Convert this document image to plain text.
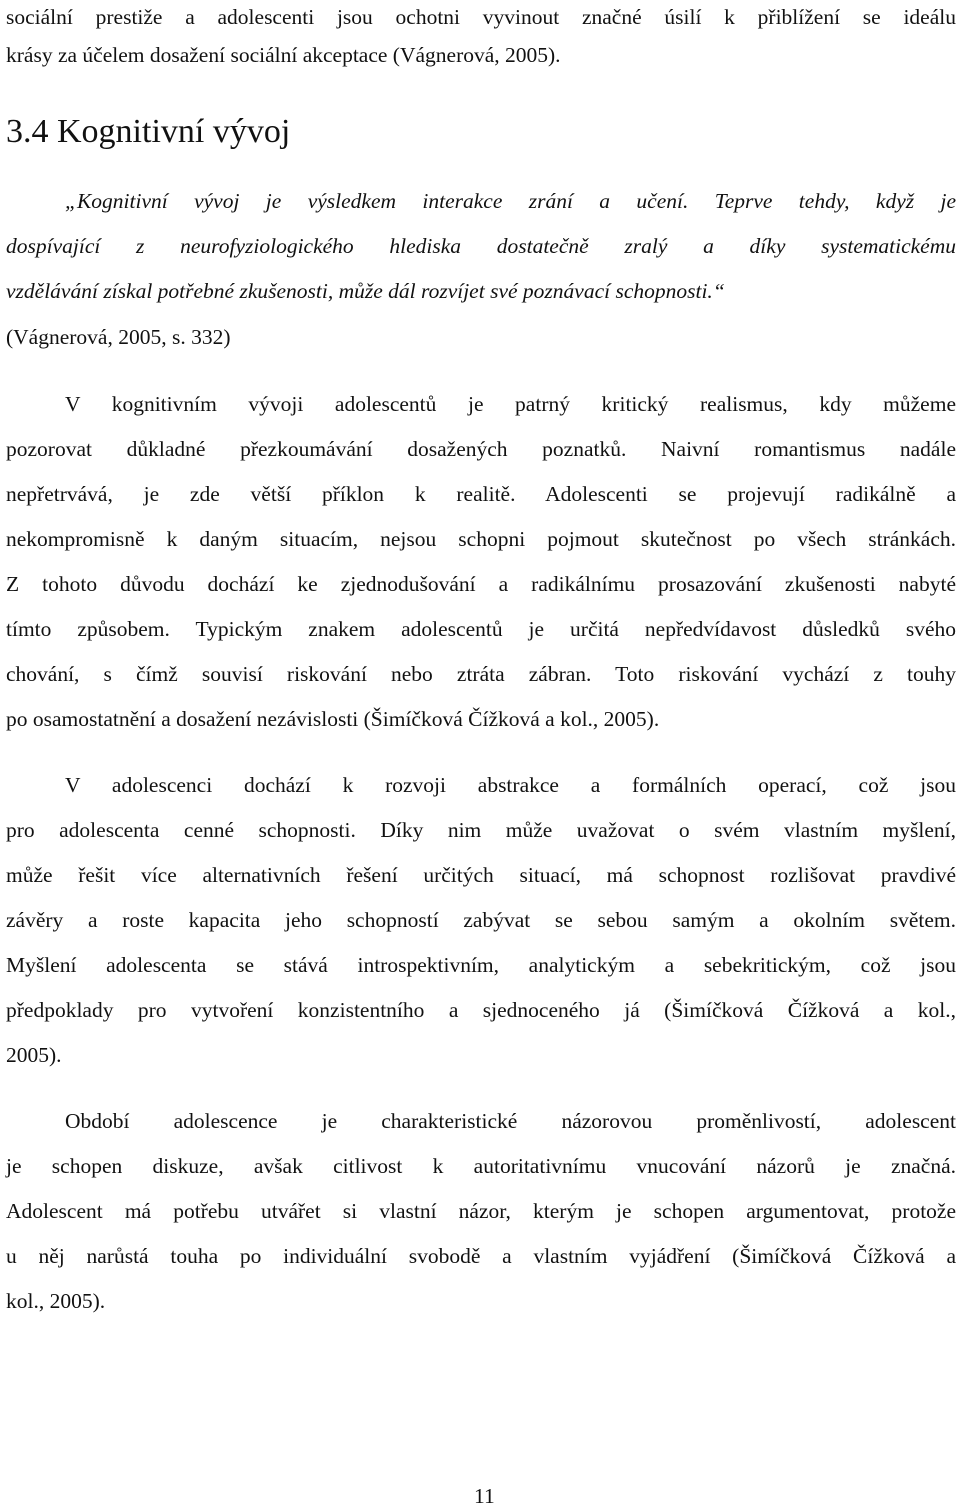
sociální prestiže a adolescenti jsou ochotni vyvinout značné úsilí k přiblížení se ideálu
krásy za účelem dosažení sociální akceptace (Vágnerová, 2005).
3.4 Kognitivní vývoj
„Kognitivní vývoj je výsledkem interakce zrání a učení. Teprve tehdy, když je
dospívající z neurofyziologického hlediska dostatečně zralý a díky systematickému
vzdělávání získal potřebné zkušenosti, může dál rozvíjet své poznávací schopnosti.“
(Vágnerová, 2005, s. 332)
V kognitivním vývoji adolescentů je patrný kritický realismus, kdy můžeme
pozorovat důkladné přezkoumávání dosažených poznatků. Naivní romantismus nadále
nepřetrvává, je zde větší příklon k realitě. Adolescenti se projevují radikálně a
nekompromisně k daným situacím, nejsou schopni pojmout skutečnost po všech stránkách.
Z tohoto důvodu dochází ke zjednodušování a radikálnímu prosazování zkušenosti nabyté
tímto způsobem. Typickým znakem adolescentů je určitá nepředvídavost důsledků svého
chování, s čímž souvisí riskování nebo ztráta zábran. Toto riskování vychází z touhy
po osamostatnění a dosažení nezávislosti (Šimíčková Čížková a kol., 2005).
V adolescenci dochází k rozvoji abstrakce a formálních operací, což jsou
pro adolescenta cenné schopnosti. Díky nim může uvažovat o svém vlastním myšlení,
může řešit více alternativních řešení určitých situací, má schopnost rozlišovat pravdivé
závěry a roste kapacita jeho schopností zabývat se sebou samým a okolním světem.
Myšlení adolescenta se stává introspektivním, analytickým a sebekritickým, což jsou
předpoklady pro vytvoření konzistentního a sjednoceného já (Šimíčková Čížková a kol.,
2005).
Období adolescence je charakteristické názorovou proměnlivostí, adolescent
je schopen diskuze, avšak citlivost k autoritativnímu vnucování názorů je značná.
Adolescent má potřebu utvářet si vlastní názor, kterým je schopen argumentovat, protože
u něj narůstá touha po individuální svobodě a vlastním vyjádření (Šimíčková Čížková a
kol., 2005).
11
